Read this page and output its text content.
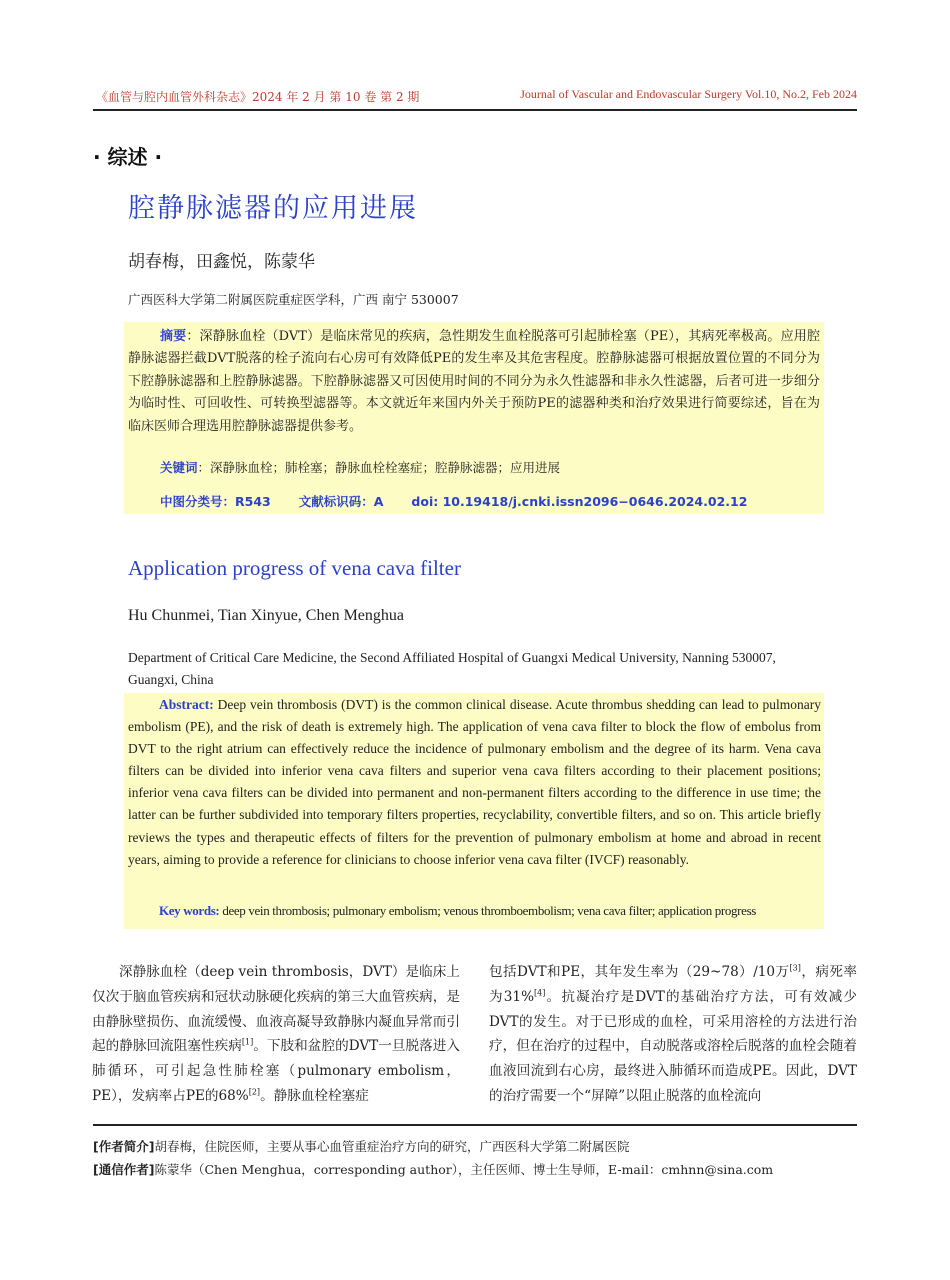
《血管与腔内血管外科杂志》2024 年 2 月 第 10 卷 第 2 期	Journal of Vascular and Endovascular Surgery Vol.10, No.2, Feb 2024
· 综述 ·
腔静脉滤器的应用进展
胡春梅，田鑫悦，陈蒙华
广西医科大学第二附属医院重症医学科，广西 南宁 530007
摘要：深静脉血栓（DVT）是临床常见的疾病，急性期发生血栓脱落可引起肺栓塞（PE），其病死率极高。应用腔静脉滤器拦截DVT脱落的栓子流向右心房可有效降低PE的发生率及其危害程度。腔静脉滤器可根据放置位置的不同分为下腔静脉滤器和上腔静脉滤器。下腔静脉滤器又可因使用时间的不同分为永久性滤器和非永久性滤器，后者可进一步细分为临时性、可回收性、可转换型滤器等。本文就近年来国内外关于预防PE的滤器种类和治疗效果进行简要综述，旨在为临床医师合理选用腔静脉滤器提供参考。
关键词：深静脉血栓；肺栓塞；静脉血栓栓塞症；腔静脉滤器；应用进展
中图分类号：R543 文献标识码：A doi: 10.19418/j.cnki.issn2096−0646.2024.02.12
Application progress of vena cava filter
Hu Chunmei, Tian Xinyue, Chen Menghua
Department of Critical Care Medicine, the Second Affiliated Hospital of Guangxi Medical University, Nanning 530007, Guangxi, China
Abstract: Deep vein thrombosis (DVT) is the common clinical disease. Acute thrombus shedding can lead to pulmonary embolism (PE), and the risk of death is extremely high. The application of vena cava filter to block the flow of embolus from DVT to the right atrium can effectively reduce the incidence of pulmonary embolism and the degree of its harm. Vena cava filters can be divided into inferior vena cava filters and superior vena cava filters according to their placement positions; inferior vena cava filters can be divided into permanent and non-permanent filters according to the difference in use time; the latter can be further subdivided into temporary filters properties, recyclability, convertible filters, and so on. This article briefly reviews the types and therapeutic effects of filters for the prevention of pulmonary embolism at home and abroad in recent years, aiming to provide a reference for clinicians to choose inferior vena cava filter (IVCF) reasonably.
Key words: deep vein thrombosis; pulmonary embolism; venous thromboembolism; vena cava filter; application progress
深静脉血栓（deep vein thrombosis，DVT）是临床上仅次于脑血管疾病和冠状动脉硬化疾病的第三大血管疾病，是由静脉壁损伤、血流缓慢、血液高凝导致静脉内凝血异常而引起的静脉回流阻塞性疾病[1]。下肢和盆腔的DVT一旦脱落进入肺循环，可引起急性肺栓塞（pulmonary embolism，PE），发病率占PE的68%[2]。静脉血栓栓塞症
包括DVT和PE，其年发生率为（29~78）/10万[3]，病死率为31%[4]。抗凝治疗是DVT的基础治疗方法，可有效减少DVT的发生。对于已形成的血栓，可采用溶栓的方法进行治疗，但在治疗的过程中，自动脱落或溶栓后脱落的血栓会随着血液回流到右心房，最终进入肺循环而造成PE。因此，DVT的治疗需要一个“屏障”以阻止脱落的血栓流向
[作者简介]胡春梅，住院医师，主要从事心血管重症治疗方向的研究，广西医科大学第二附属医院
[通信作者]陈蒙华（Chen Menghua，corresponding author），主任医师、博士生导师，E-mail：cmhnn@sina.com
